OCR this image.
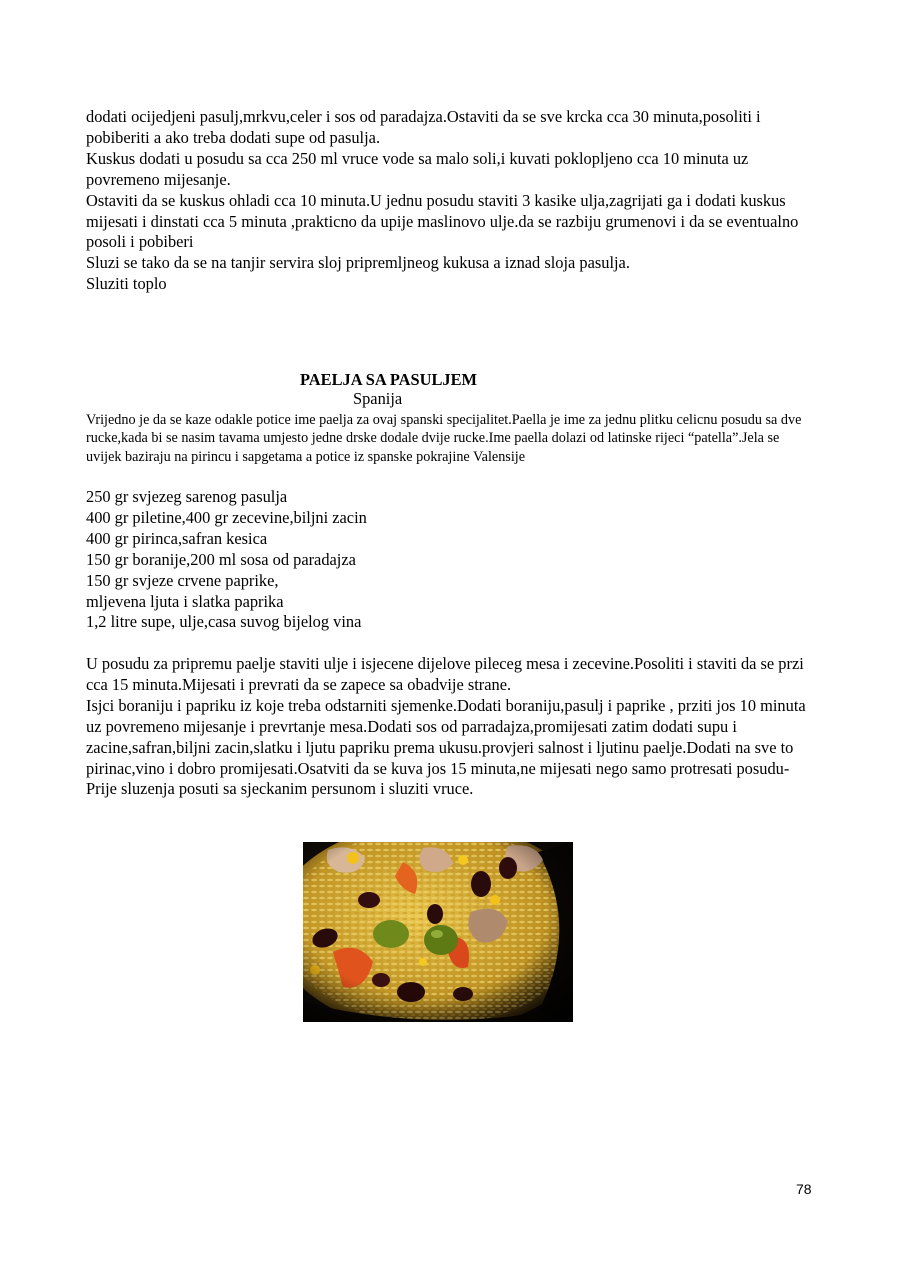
dodati ocijedjeni pasulj,mrkvu,celer i sos od paradajza.Ostaviti da se sve krcka cca 30 minuta,posoliti i pobiberiti a ako treba dodati supe od pasulja.

Kuskus dodati u posudu sa cca 250 ml vruce vode sa malo soli,i kuvati poklopljeno cca 10 minuta uz povremeno mijesanje.

Ostaviti da se kuskus ohladi cca 10 minuta.U jednu posudu staviti 3 kasike ulja,zagrijati ga i dodati kuskus mijesati i dinstati cca 5 minuta ,prakticno da upije maslinovo ulje.da se razbiju grumenovi i da se eventualno posoli i pobiberi

Sluzi se tako da se na tanjir servira sloj pripremljneog kukusa a iznad sloja pasulja.

Sluziti toplo

PAELJA SA PASULJEM
Spanija
Vrijedno je da se kaze odakle potice ime paelja za ovaj spanski specijalitet.Paella je ime za jednu plitku celicnu posudu sa dve rucke,kada bi se nasim tavama umjesto jedne drske dodale dvije rucke.Ime paella dolazi od latinske rijeci “patella”.Jela se uvijek baziraju na pirincu i sapgetama a potice iz spanske pokrajine Valensije
250 gr svjezeg sarenog pasulja
400 gr piletine,400 gr zecevine,biljni zacin
400 gr pirinca,safran kesica
150 gr boranije,200 ml sosa od paradajza
150 gr svjeze crvene paprike,
mljevena ljuta i slatka paprika
1,2 litre supe, ulje,casa suvog bijelog vina

U posudu za pripremu paelje staviti ulje i isjecene dijelove pileceg mesa i zecevine.Posoliti i staviti da se przi cca 15 minuta.Mijesati i prevrati da se zapece sa obadvije strane.

Isjci boraniju i papriku iz koje treba odstarniti sjemenke.Dodati boraniju,pasulj i paprike , prziti jos 10 minuta uz povremeno mijesanje i prevrtanje mesa.Dodati sos od parradajza,promijesati zatim dodati supu i zacine,safran,biljni zacin,slatku i ljutu papriku prema ukusu.provjeri salnost i ljutinu paelje.Dodati na sve to pirinac,vino i dobro promijesati.Osatviti da se kuva jos 15 minuta,ne mijesati nego samo protresati posudu-

Prije sluzenja posuti sa sjeckanim persunom i sluziti vruce.

78
